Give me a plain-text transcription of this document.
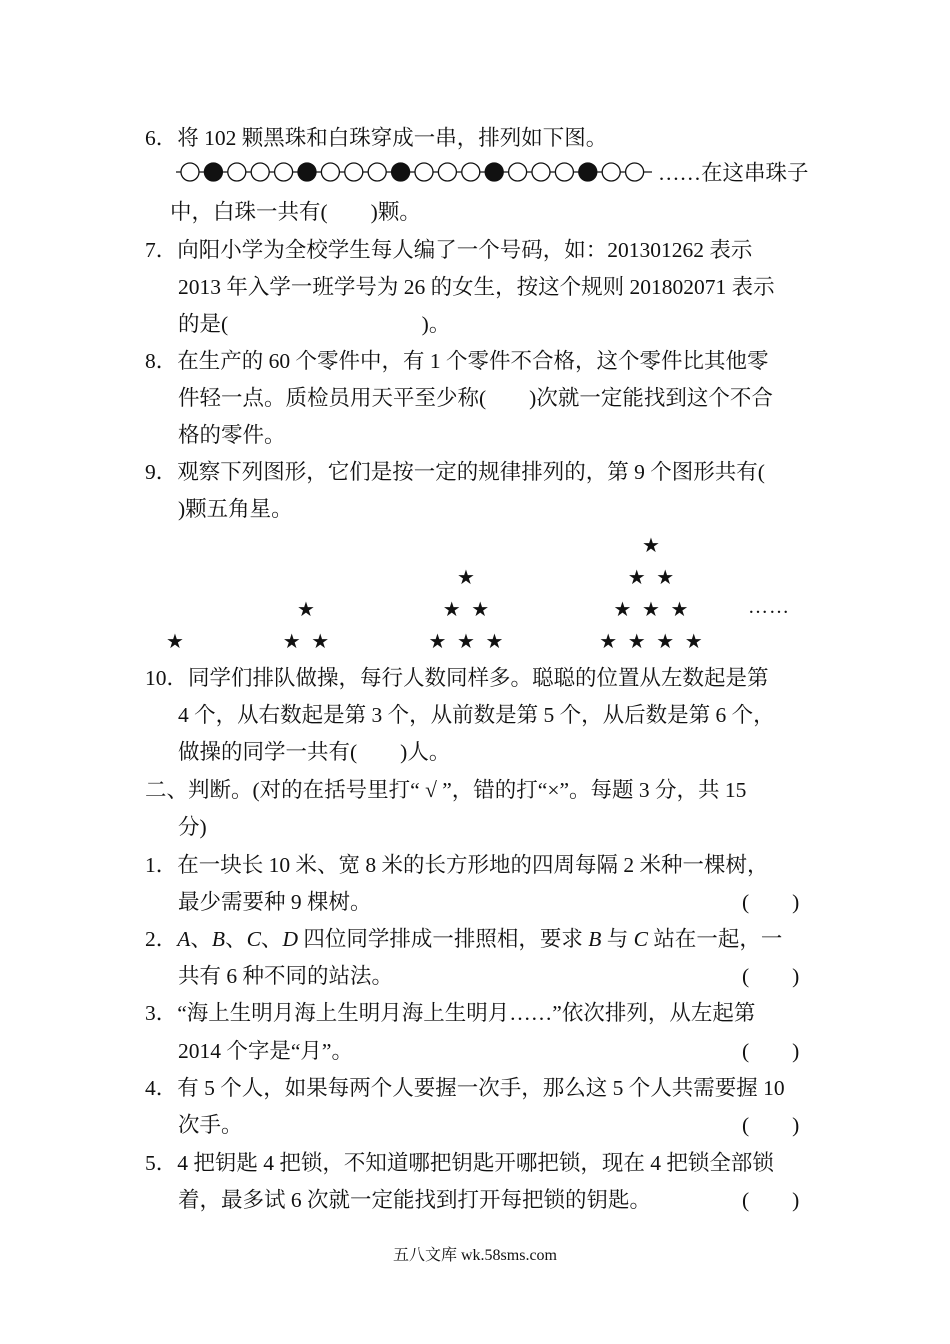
6．将 102 颗黑珠和白珠穿成一串，排列如下图。
……在这串珠子
中，白珠一共有(　　)颗。
7．向阳小学为全校学生每人编了一个号码，如：201301262 表示
2013 年入学一班学号为 26 的女生，按这个规则 201802071 表示
的是(　　　　　　　　　)。
8．在生产的 60 个零件中，有 1 个零件不合格，这个零件比其他零
件轻一点。质检员用天平至少称(　　)次就一定能找到这个不合
格的零件。
9．观察下列图形，它们是按一定的规律排列的，第 9 个图形共有(
)颗五角星。
★
★
★ ★
★
★ ★
★ ★ ★
★
★ ★
★ ★ ★
★ ★ ★ ★
……
10．同学们排队做操，每行人数同样多。聪聪的位置从左数起是第
4 个，从右数起是第 3 个，从前数是第 5 个，从后数是第 6 个，
做操的同学一共有(　　)人。
二、判断。(对的在括号里打“ √ ”，错的打“×”。每题 3 分，共 15
分)
1．在一块长 10 米、宽 8 米的长方形地的四周每隔 2 米种一棵树，
最少需要种 9 棵树。	(　　)
2．A、B、C、D 四位同学排成一排照相，要求 B 与 C 站在一起，一
共有 6 种不同的站法。	(　　)
3．“海上生明月海上生明月海上生明月……”依次排列，从左起第
2014 个字是“月”。	(　　)
4．有 5 个人，如果每两个人要握一次手，那么这 5 个人共需要握 10
次手。	(　　)
5．4 把钥匙 4 把锁，不知道哪把钥匙开哪把锁，现在 4 把锁全部锁
着，最多试 6 次就一定能找到打开每把锁的钥匙。	(　　)
五八文库 wk.58sms.com
